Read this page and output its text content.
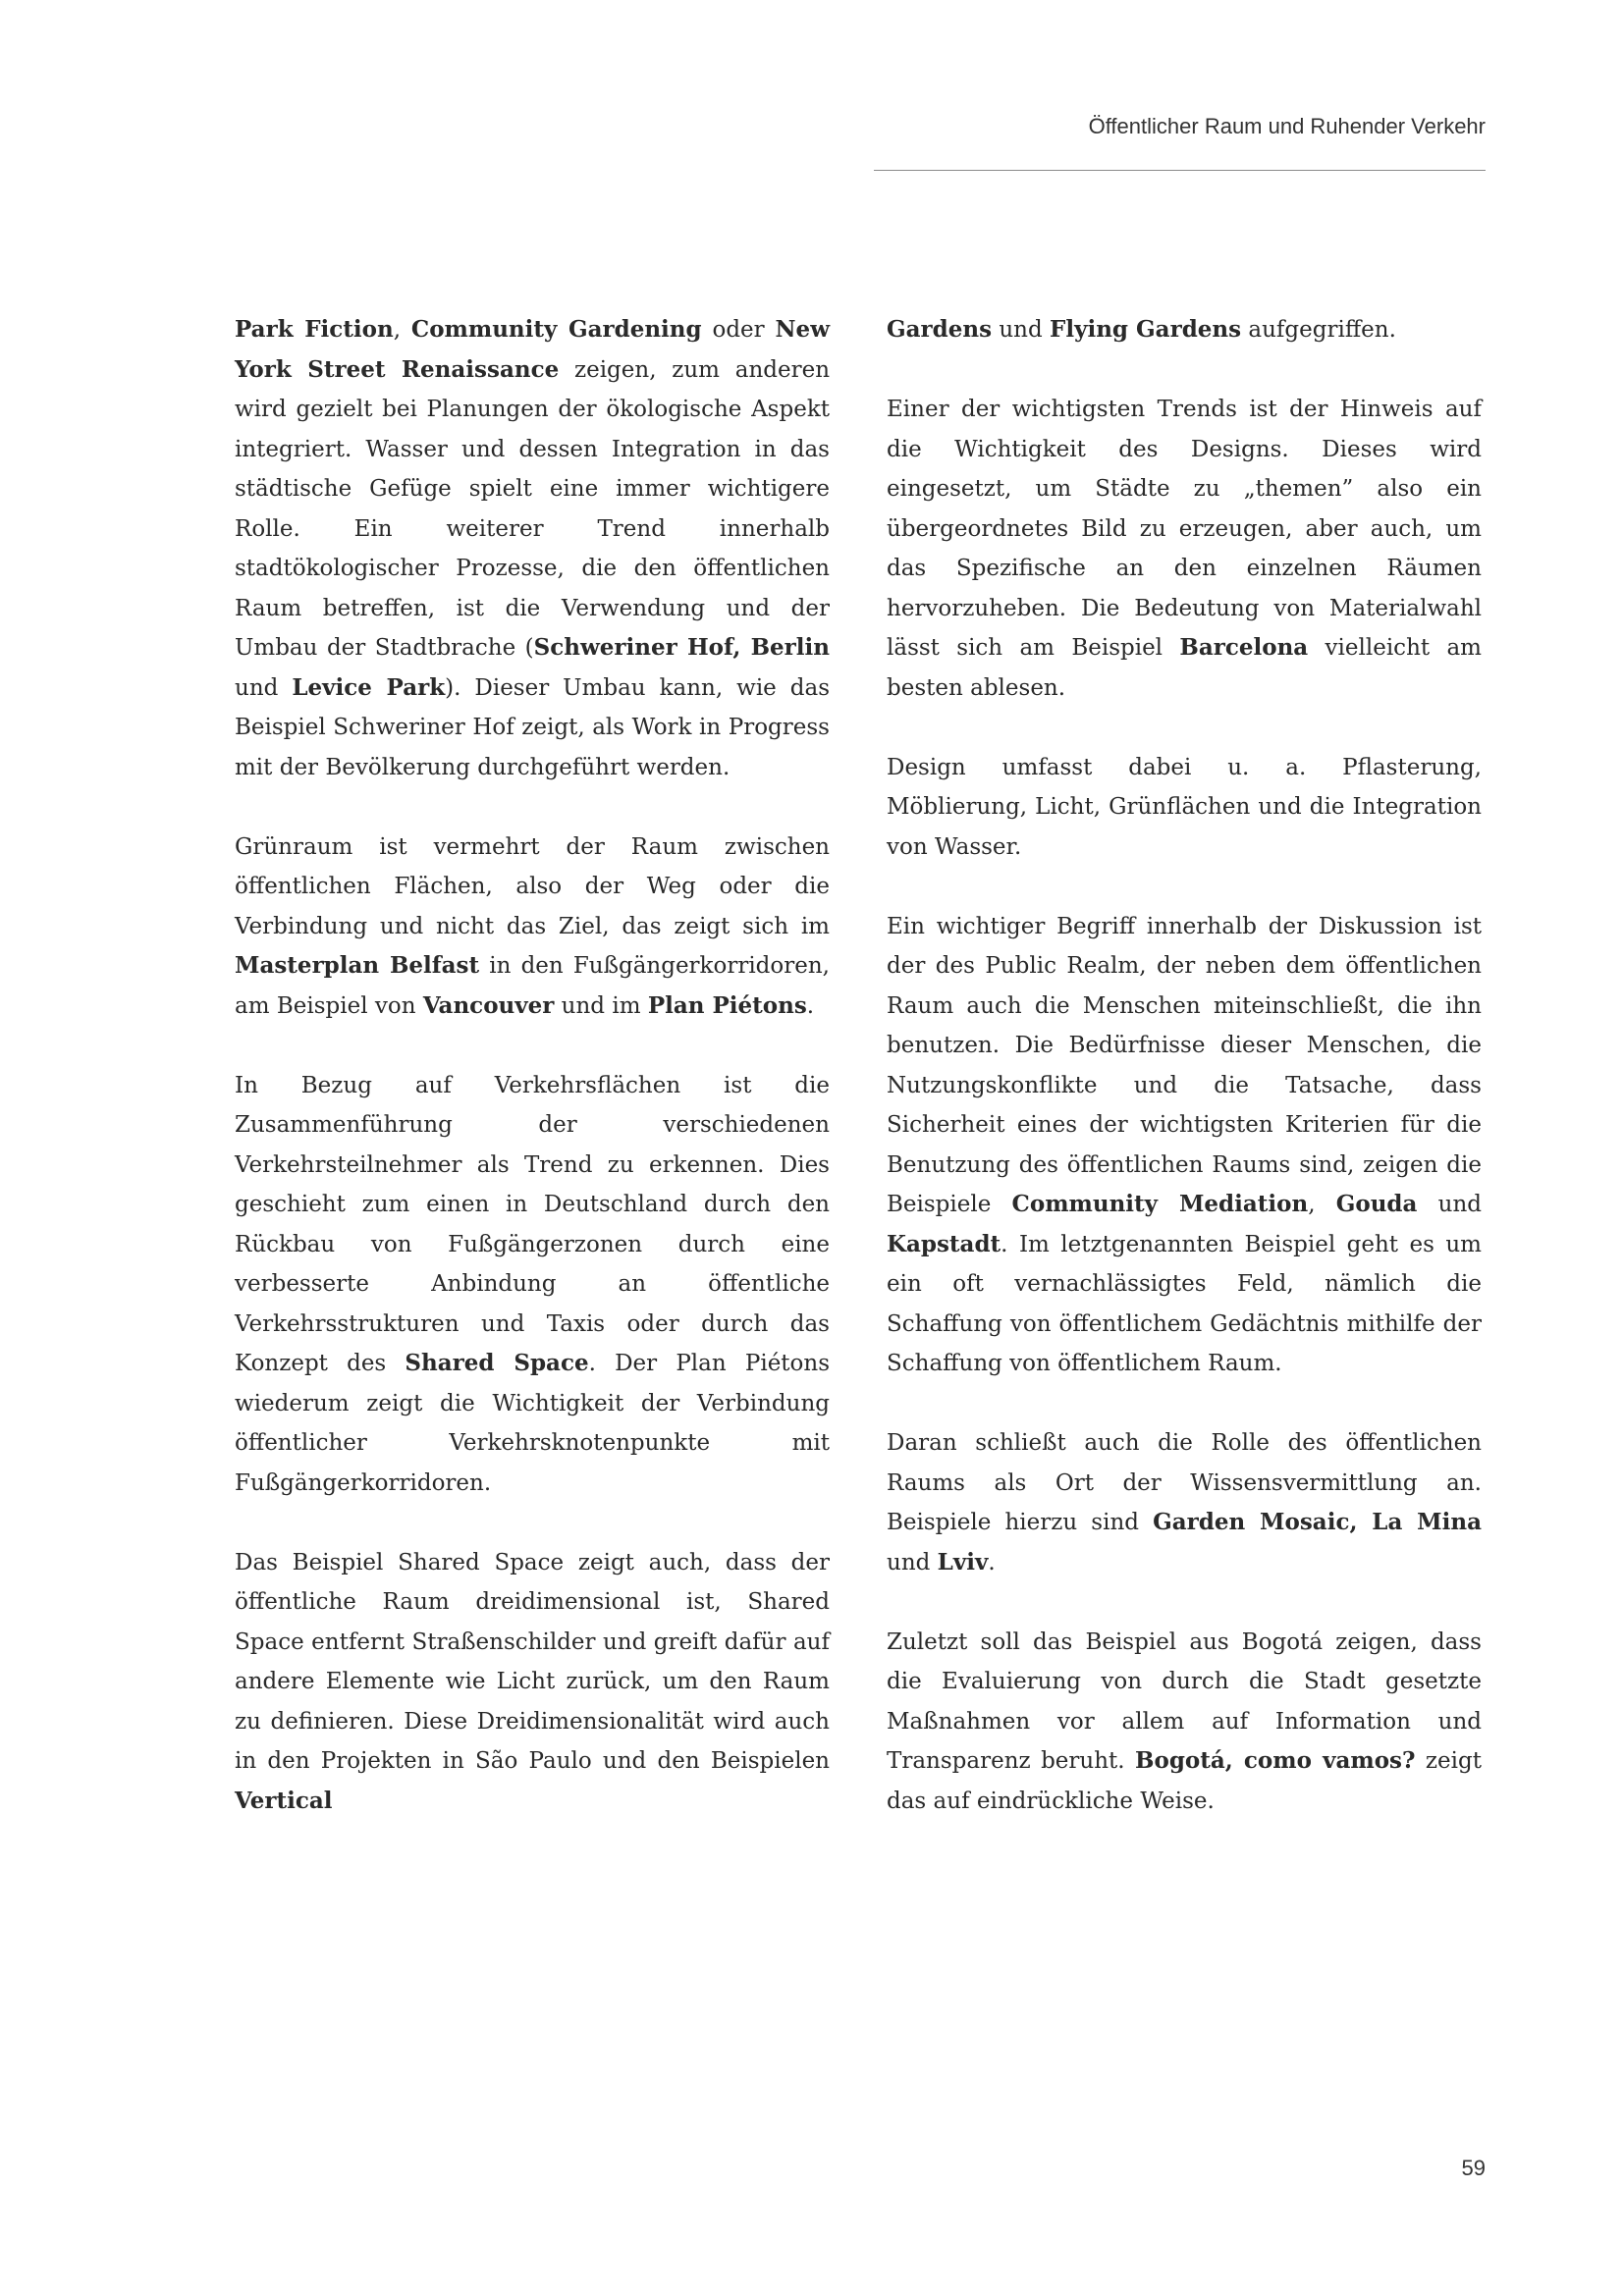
Öffentlicher Raum und Ruhender Verkehr

Park Fiction, Community Gardening oder New York Street Renaissance zeigen, zum anderen wird gezielt bei Planungen der ökologische Aspekt integriert. Wasser und dessen Integration in das städtische Gefüge spielt eine immer wichtigere Rolle. Ein weiterer Trend innerhalb stadtökologischer Prozesse, die den öffentlichen Raum betreffen, ist die Verwendung und der Umbau der Stadtbrache (Schweriner Hof, Berlin und Levice Park). Dieser Umbau kann, wie das Beispiel Schweriner Hof zeigt, als Work in Progress mit der Bevölkerung durchgeführt werden.

Grünraum ist vermehrt der Raum zwischen öffentlichen Flächen, also der Weg oder die Verbindung und nicht das Ziel, das zeigt sich im Masterplan Belfast in den Fußgängerkorridoren, am Beispiel von Vancouver und im Plan Piétons.

In Bezug auf Verkehrsflächen ist die Zusammenführung der verschiedenen Verkehrsteilnehmer als Trend zu erkennen. Dies geschieht zum einen in Deutschland durch den Rückbau von Fußgängerzonen durch eine verbesserte Anbindung an öffentliche Verkehrsstrukturen und Taxis oder durch das Konzept des Shared Space. Der Plan Piétons wiederum zeigt die Wichtigkeit der Verbindung öffentlicher Verkehrsknotenpunkte mit Fußgängerkorridoren.

Das Beispiel Shared Space zeigt auch, dass der öffentliche Raum dreidimensional ist, Shared Space entfernt Straßenschilder und greift dafür auf andere Elemente wie Licht zurück, um den Raum zu definieren. Diese Dreidimensionalität wird auch in den Projekten in São Paulo und den Beispielen Vertical

Gardens und Flying Gardens aufgegriffen.

Einer der wichtigsten Trends ist der Hinweis auf die Wichtigkeit des Designs. Dieses wird eingesetzt, um Städte zu „themen” also ein übergeordnetes Bild zu erzeugen, aber auch, um das Spezifische an den einzelnen Räumen hervorzuheben. Die Bedeutung von Materialwahl lässt sich am Beispiel Barcelona vielleicht am besten ablesen.

Design umfasst dabei u. a. Pflasterung, Möblierung, Licht, Grünflächen und die Integration von Wasser.

Ein wichtiger Begriff innerhalb der Diskussion ist der des Public Realm, der neben dem öffentlichen Raum auch die Menschen miteinschließt, die ihn benutzen. Die Bedürfnisse dieser Menschen, die Nutzungskonflikte und die Tatsache, dass Sicherheit eines der wichtigsten Kriterien für die Benutzung des öffentlichen Raums sind, zeigen die Beispiele Community Mediation, Gouda und Kapstadt. Im letztgenannten Beispiel geht es um ein oft vernachlässigtes Feld, nämlich die Schaffung von öffentlichem Gedächtnis mithilfe der Schaffung von öffentlichem Raum.

Daran schließt auch die Rolle des öffentlichen Raums als Ort der Wissensvermittlung an. Beispiele hierzu sind Garden Mosaic, La Mina und Lviv.

Zuletzt soll das Beispiel aus Bogotá zeigen, dass die Evaluierung von durch die Stadt gesetzte Maßnahmen vor allem auf Information und Transparenz beruht. Bogotá, como vamos? zeigt das auf eindrückliche Weise.

59
